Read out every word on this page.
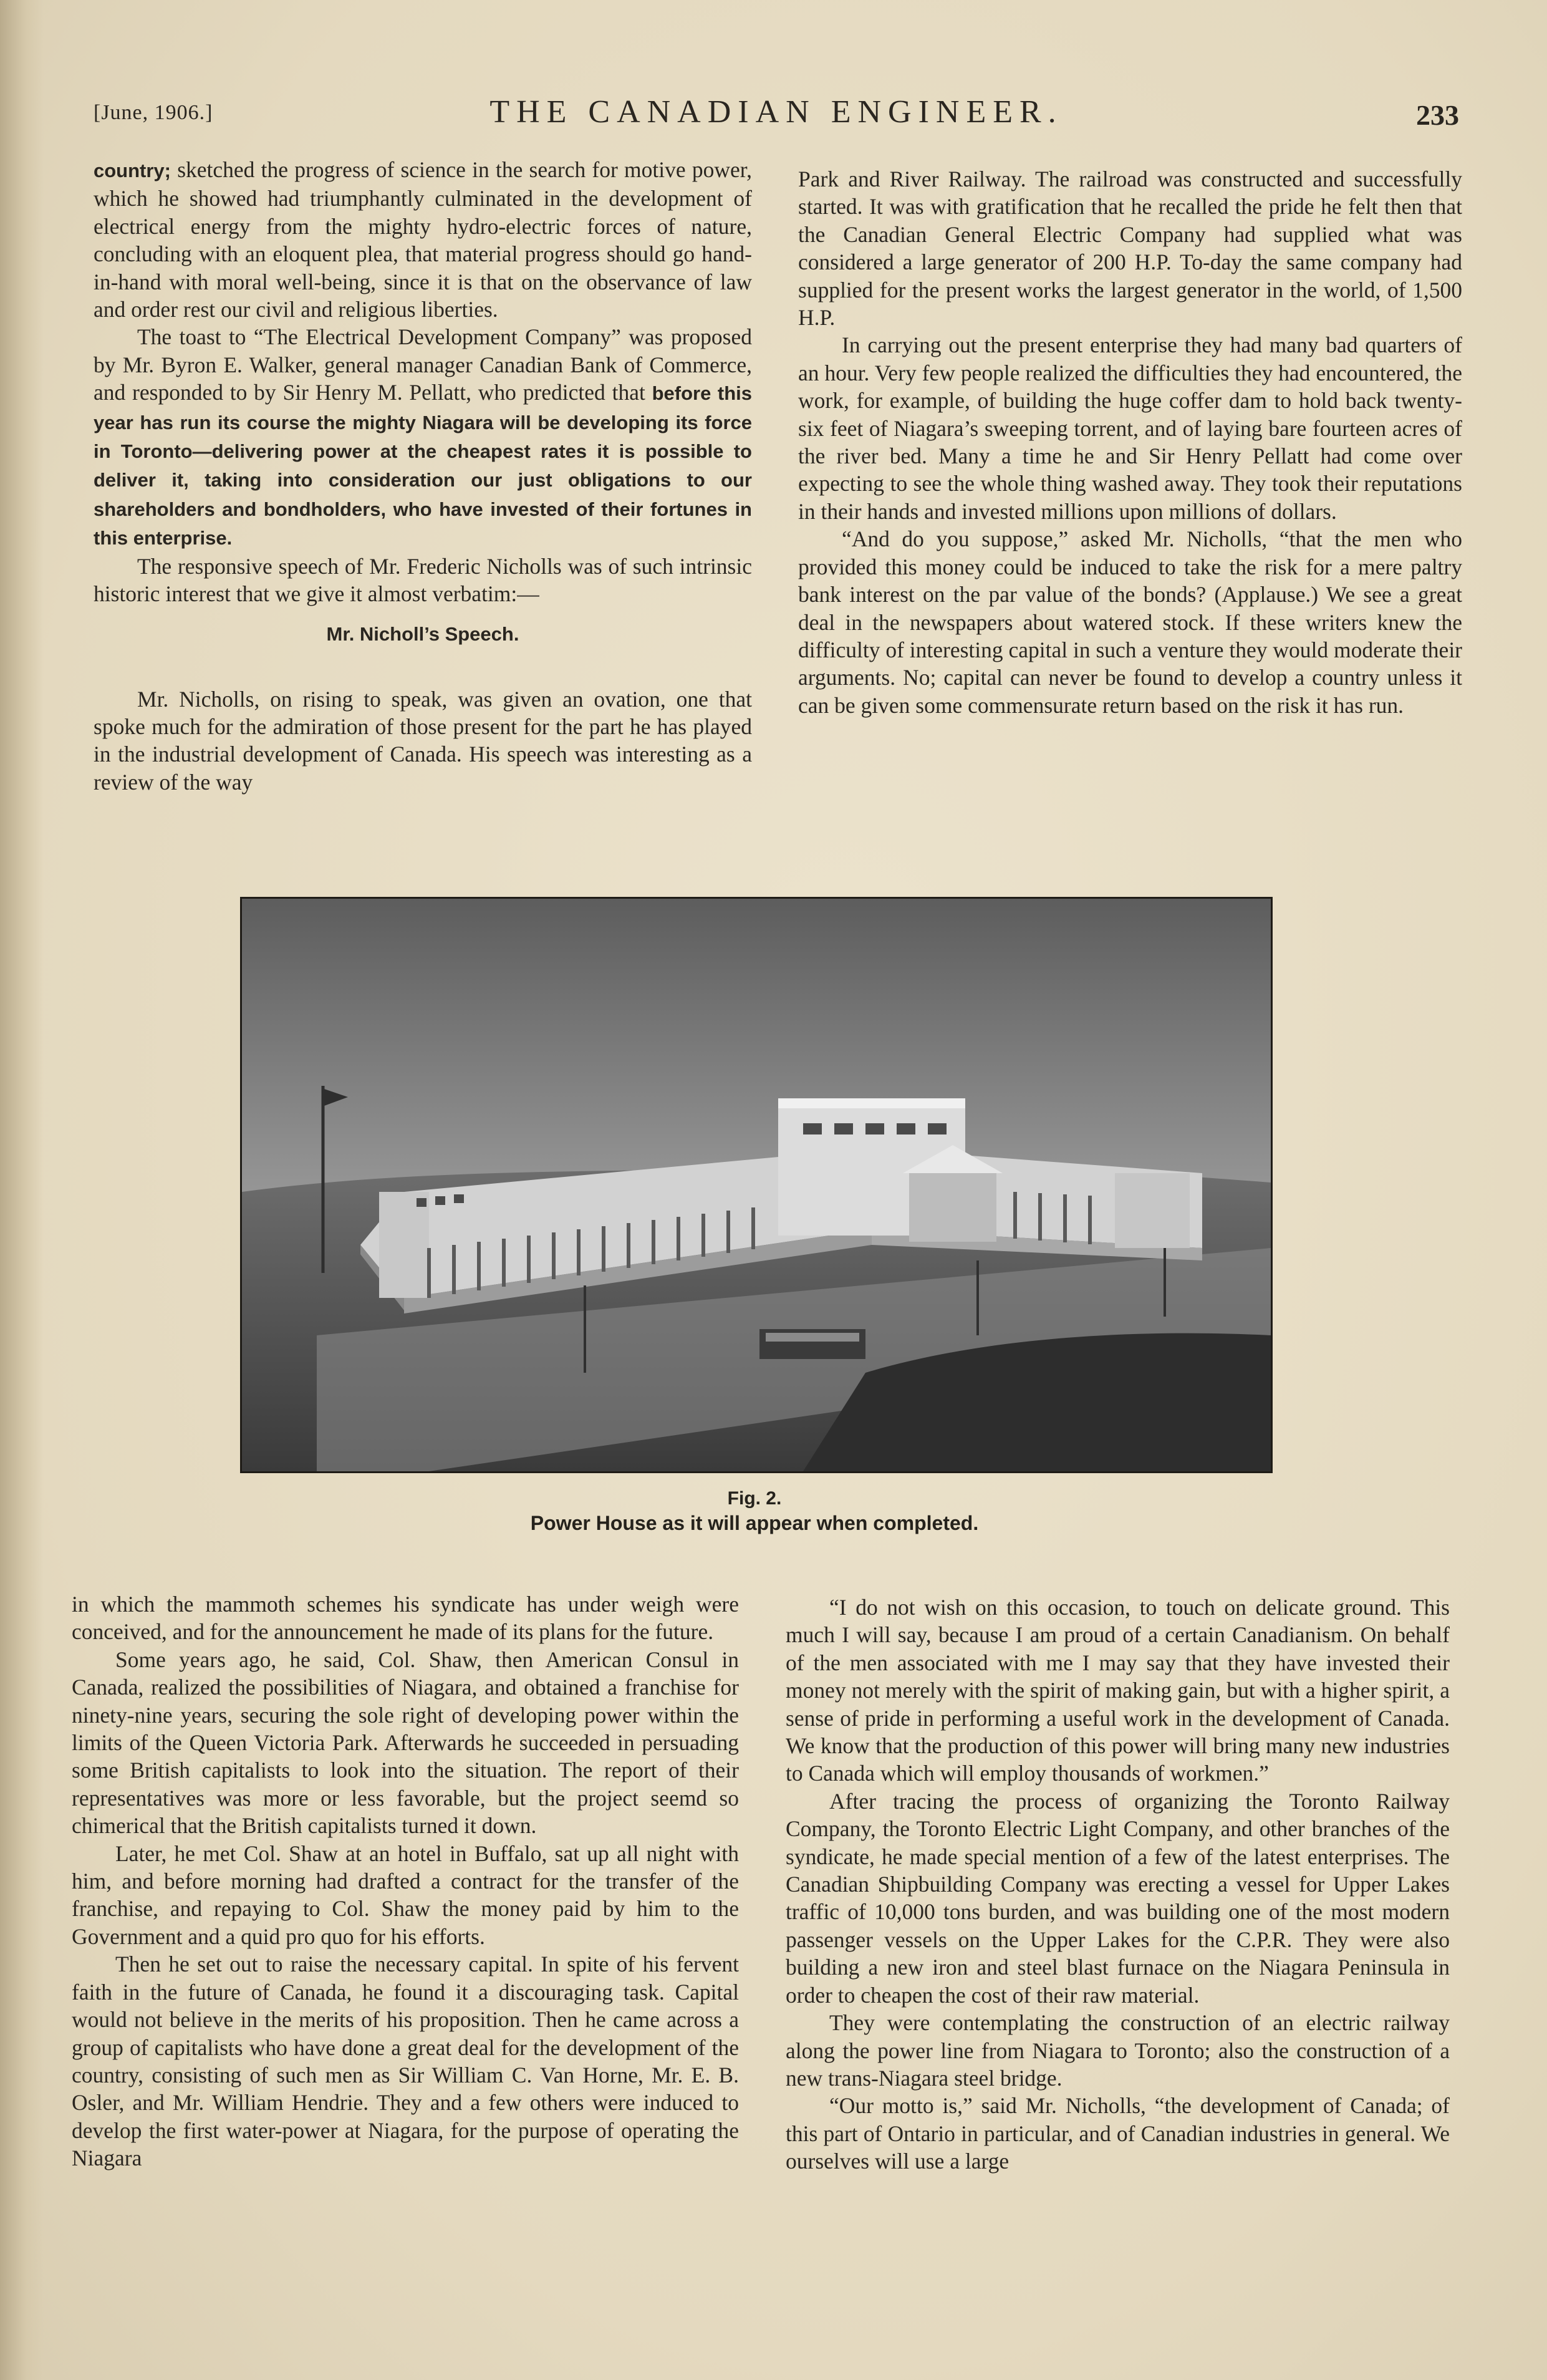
[June, 1906.]	THE CANADIAN ENGINEER.	233

country; sketched the progress of science in the search for motive power, which he showed had triumphantly culminated in the development of electrical energy from the mighty hydro-electric forces of nature, concluding with an eloquent plea, that material progress should go hand-in-hand with moral well-being, since it is that on the observance of law and order rest our civil and religious liberties.

The toast to “The Electrical Development Company” was proposed by Mr. Byron E. Walker, general manager Canadian Bank of Commerce, and responded to by Sir Henry M. Pellatt, who predicted that before this year has run its course the mighty Niagara will be developing its force in Toronto—delivering power at the cheapest rates it is possible to deliver it, taking into consideration our just obligations to our shareholders and bondholders, who have invested of their fortunes in this enterprise.

The responsive speech of Mr. Frederic Nicholls was of such intrinsic historic interest that we give it almost verbatim:—

Mr. Nicholl’s Speech.

Mr. Nicholls, on rising to speak, was given an ovation, one that spoke much for the admiration of those present for the part he has played in the industrial development of Canada. His speech was interesting as a review of the way

Park and River Railway. The railroad was constructed and successfully started. It was with gratification that he recalled the pride he felt then that the Canadian General Electric Company had supplied what was considered a large generator of 200 H.P. To-day the same company had supplied for the present works the largest generator in the world, of 1,500 H.P.

In carrying out the present enterprise they had many bad quarters of an hour. Very few people realized the difficulties they had encountered, the work, for example, of building the huge coffer dam to hold back twenty-six feet of Niagara’s sweeping torrent, and of laying bare fourteen acres of the river bed. Many a time he and Sir Henry Pellatt had come over expecting to see the whole thing washed away. They took their reputations in their hands and invested millions upon millions of dollars.

“And do you suppose,” asked Mr. Nicholls, “that the men who provided this money could be induced to take the risk for a mere paltry bank interest on the par value of the bonds? (Applause.) We see a great deal in the newspapers about watered stock. If these writers knew the difficulty of interesting capital in such a venture they would moderate their arguments. No; capital can never be found to develop a country unless it can be given some commensurate return based on the risk it has run.

Fig. 2.
Power House as it will appear when completed.

in which the mammoth schemes his syndicate has under weigh were conceived, and for the announcement he made of its plans for the future.

Some years ago, he said, Col. Shaw, then American Consul in Canada, realized the possibilities of Niagara, and obtained a franchise for ninety-nine years, securing the sole right of developing power within the limits of the Queen Victoria Park. Afterwards he succeeded in persuading some British capitalists to look into the situation. The report of their representatives was more or less favorable, but the project seemd so chimerical that the British capitalists turned it down.

Later, he met Col. Shaw at an hotel in Buffalo, sat up all night with him, and before morning had drafted a contract for the transfer of the franchise, and repaying to Col. Shaw the money paid by him to the Government and a quid pro quo for his efforts.

Then he set out to raise the necessary capital. In spite of his fervent faith in the future of Canada, he found it a discouraging task. Capital would not believe in the merits of his proposition. Then he came across a group of capitalists who have done a great deal for the development of the country, consisting of such men as Sir William C. Van Horne, Mr. E. B. Osler, and Mr. William Hendrie. They and a few others were induced to develop the first water-power at Niagara, for the purpose of operating the Niagara

“I do not wish on this occasion, to touch on delicate ground. This much I will say, because I am proud of a certain Canadianism. On behalf of the men associated with me I may say that they have invested their money not merely with the spirit of making gain, but with a higher spirit, a sense of pride in performing a useful work in the development of Canada. We know that the production of this power will bring many new industries to Canada which will employ thousands of workmen.”

After tracing the process of organizing the Toronto Railway Company, the Toronto Electric Light Company, and other branches of the syndicate, he made special mention of a few of the latest enterprises. The Canadian Shipbuilding Company was erecting a vessel for Upper Lakes traffic of 10,000 tons burden, and was building one of the most modern passenger vessels on the Upper Lakes for the C.P.R. They were also building a new iron and steel blast furnace on the Niagara Peninsula in order to cheapen the cost of their raw material.

They were contemplating the construction of an electric railway along the power line from Niagara to Toronto; also the construction of a new trans-Niagara steel bridge.

“Our motto is,” said Mr. Nicholls, “the development of Canada; of this part of Ontario in particular, and of Canadian industries in general. We ourselves will use a large
